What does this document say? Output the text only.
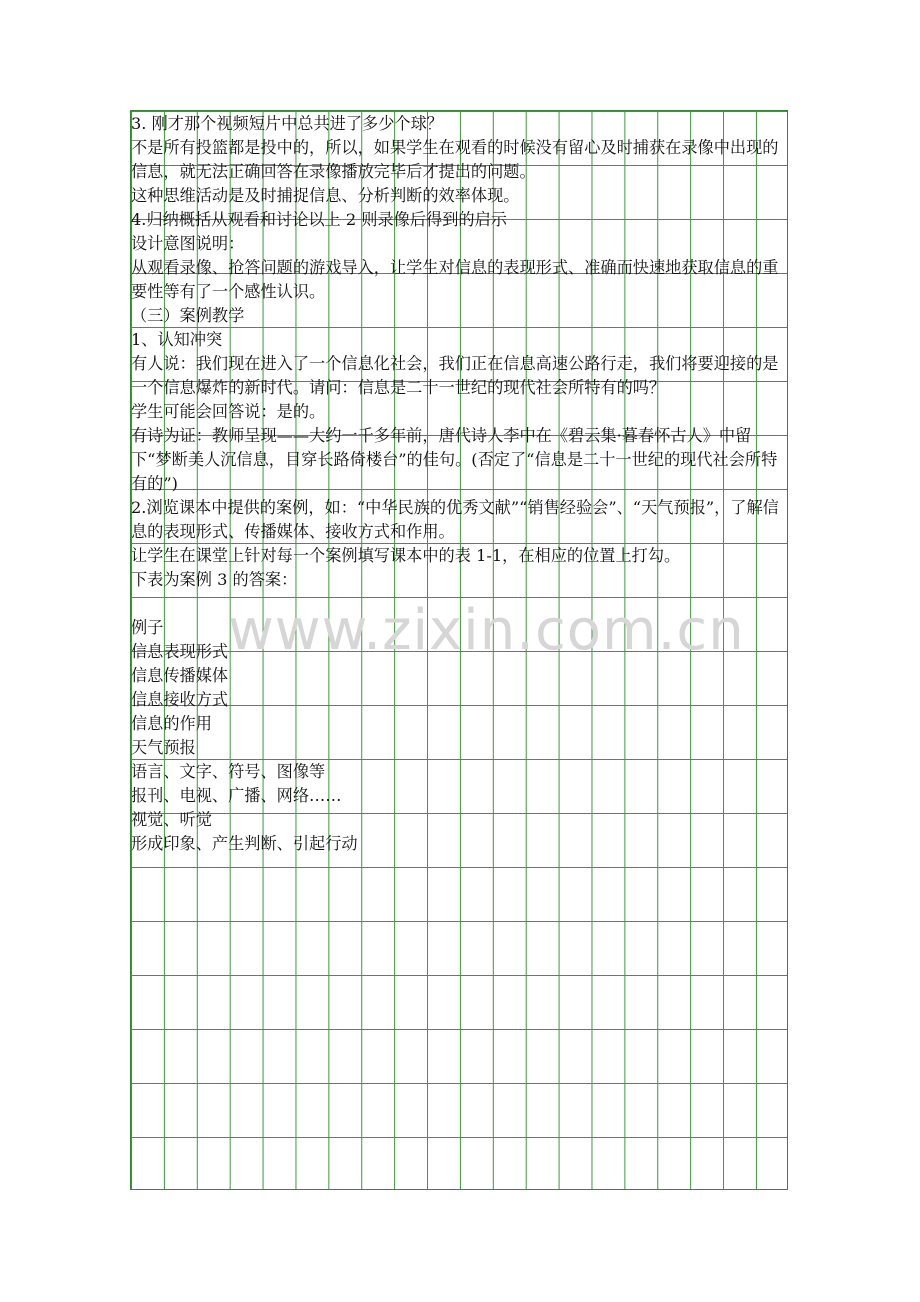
www.zixin.com.cn

3. 刚才那个视频短片中总共进了多少个球？

不是所有投篮都是投中的，所以，如果学生在观看的时候没有留心及时捕获在录像中出现的信息，就无法正确回答在录像播放完毕后才提出的问题。

这种思维活动是及时捕捉信息、分析判断的效率体现。

4.归纳概括从观看和讨论以上 2 则录像后得到的启示

设计意图说明：

从观看录像、抢答问题的游戏导入，让学生对信息的表现形式、准确而快速地获取信息的重要性等有了一个感性认识。

（三）案例教学

1、认知冲突

有人说：我们现在进入了一个信息化社会，我们正在信息高速公路行走，我们将要迎接的是一个信息爆炸的新时代。请问：信息是二十一世纪的现代社会所特有的吗？

学生可能会回答说：是的。

有诗为证：教师呈现——大约一千多年前，唐代诗人李中在《碧云集·暮春怀古人》中留下“梦断美人沉信息，目穿长路倚楼台”的佳句。(否定了“信息是二十一世纪的现代社会所特有的”)

2.浏览课本中提供的案例，如：“中华民族的优秀文献”“销售经验会”、“天气预报”，了解信息的表现形式、传播媒体、接收方式和作用。

让学生在课堂上针对每一个案例填写课本中的表 1-1，在相应的位置上打勾。

下表为案例 3 的答案：

例子

信息表现形式

信息传播媒体

信息接收方式

信息的作用

天气预报

语言、文字、符号、图像等

报刊、电视、广播、网络……

视觉、听觉

形成印象、产生判断、引起行动
